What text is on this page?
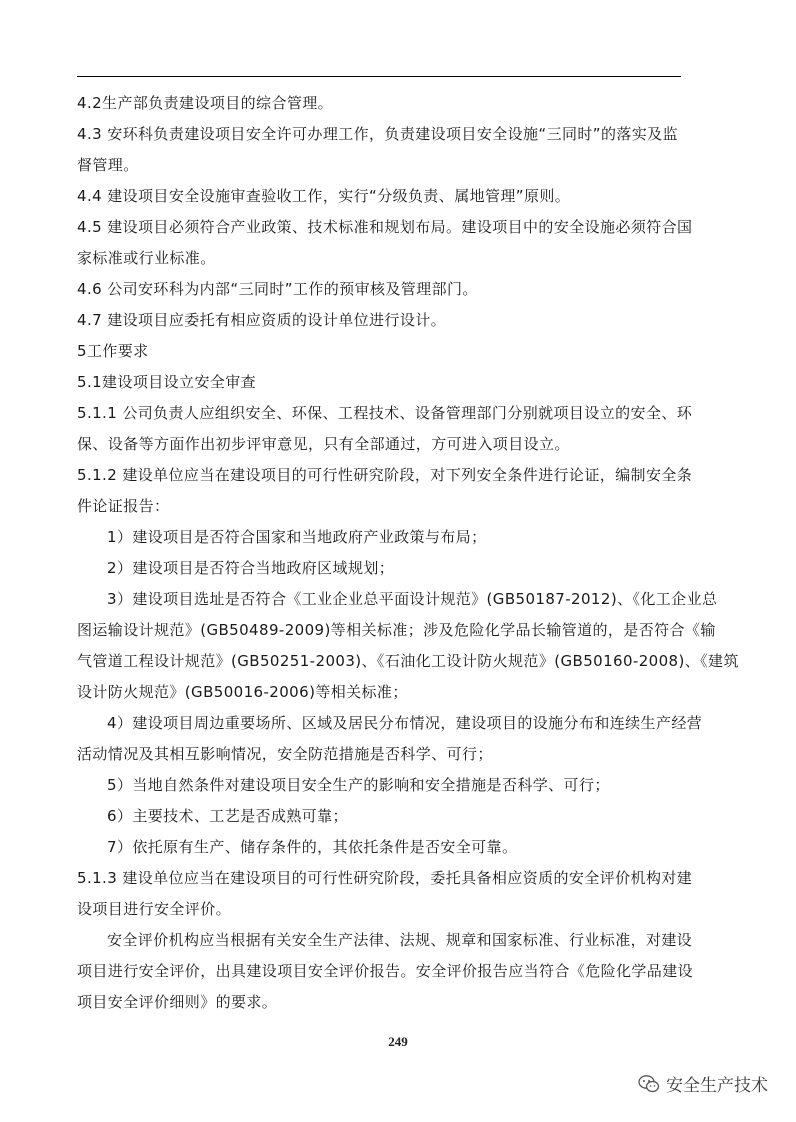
4.2生产部负责建设项目的综合管理。
4.3 安环科负责建设项目安全许可办理工作，负责建设项目安全设施“三同时”的落实及监
督管理。
4.4 建设项目安全设施审查验收工作，实行“分级负责、属地管理”原则。
4.5 建设项目必须符合产业政策、技术标准和规划布局。建设项目中的安全设施必须符合国
家标准或行业标准。
4.6 公司安环科为内部“三同时”工作的预审核及管理部门。
4.7 建设项目应委托有相应资质的设计单位进行设计。
5工作要求
5.1建设项目设立安全审查
5.1.1 公司负责人应组织安全、环保、工程技术、设备管理部门分别就项目设立的安全、环
保、设备等方面作出初步评审意见，只有全部通过，方可进入项目设立。
5.1.2 建设单位应当在建设项目的可行性研究阶段，对下列安全条件进行论证，编制安全条
件论证报告：
1）建设项目是否符合国家和当地政府产业政策与布局；
2）建设项目是否符合当地政府区域规划；
3）建设项目选址是否符合《工业企业总平面设计规范》(GB50187-2012)、《化工企业总
图运输设计规范》(GB50489-2009)等相关标准；涉及危险化学品长输管道的，是否符合《输
气管道工程设计规范》(GB50251-2003)、《石油化工设计防火规范》(GB50160-2008)、《建筑
设计防火规范》(GB50016-2006)等相关标准；
4）建设项目周边重要场所、区域及居民分布情况，建设项目的设施分布和连续生产经营
活动情况及其相互影响情况，安全防范措施是否科学、可行；
5）当地自然条件对建设项目安全生产的影响和安全措施是否科学、可行；
6）主要技术、工艺是否成熟可靠；
7）依托原有生产、储存条件的，其依托条件是否安全可靠。
5.1.3 建设单位应当在建设项目的可行性研究阶段，委托具备相应资质的安全评价机构对建
设项目进行安全评价。
安全评价机构应当根据有关安全生产法律、法规、规章和国家标准、行业标准，对建设
项目进行安全评价，出具建设项目安全评价报告。安全评价报告应当符合《危险化学品建设
项目安全评价细则》的要求。
249
安全生产技术
